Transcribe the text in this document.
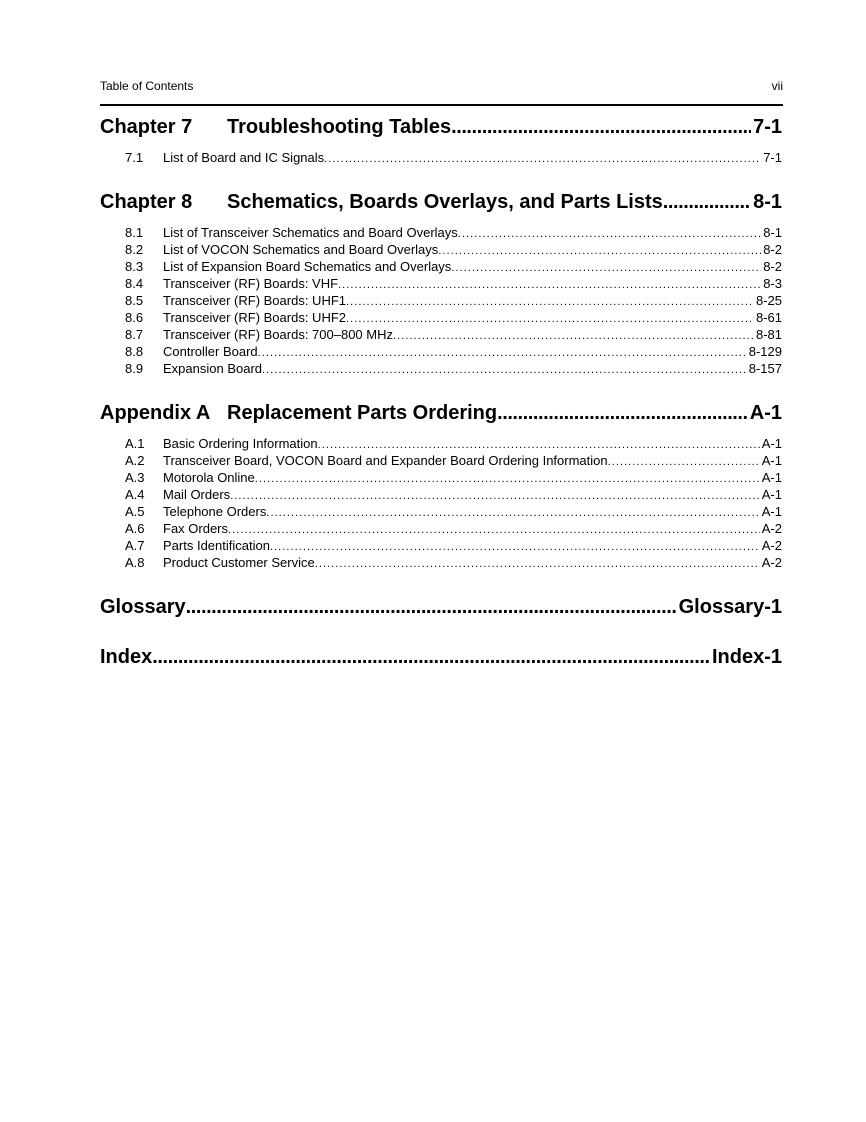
Table of Contents	vii
Chapter 7	Troubleshooting Tables . . .	7-1
7.1	List of Board and IC Signals . . .	7-1
Chapter 8	Schematics, Boards Overlays, and Parts Lists . . .	8-1
8.1	List of Transceiver Schematics and Board Overlays . . .	8-1
8.2	List of VOCON Schematics and Board Overlays . . .	8-2
8.3	List of Expansion Board Schematics and Overlays . . .	8-2
8.4	Transceiver (RF) Boards: VHF . . .	8-3
8.5	Transceiver (RF) Boards: UHF1 . . .	8-25
8.6	Transceiver (RF) Boards: UHF2 . . .	8-61
8.7	Transceiver (RF) Boards: 700–800 MHz . . .	8-81
8.8	Controller Board . . .	8-129
8.9	Expansion Board . . .	8-157
Appendix A Replacement Parts Ordering . . .	A-1
A.1	Basic Ordering Information . . .	A-1
A.2	Transceiver Board, VOCON Board and Expander Board Ordering Information . . .	A-1
A.3	Motorola Online . . .	A-1
A.4	Mail Orders . . .	A-1
A.5	Telephone Orders . . .	A-1
A.6	Fax Orders . . .	A-2
A.7	Parts Identification . . .	A-2
A.8	Product Customer Service . . .	A-2
Glossary . . .	Glossary-1
Index . . .	Index-1
